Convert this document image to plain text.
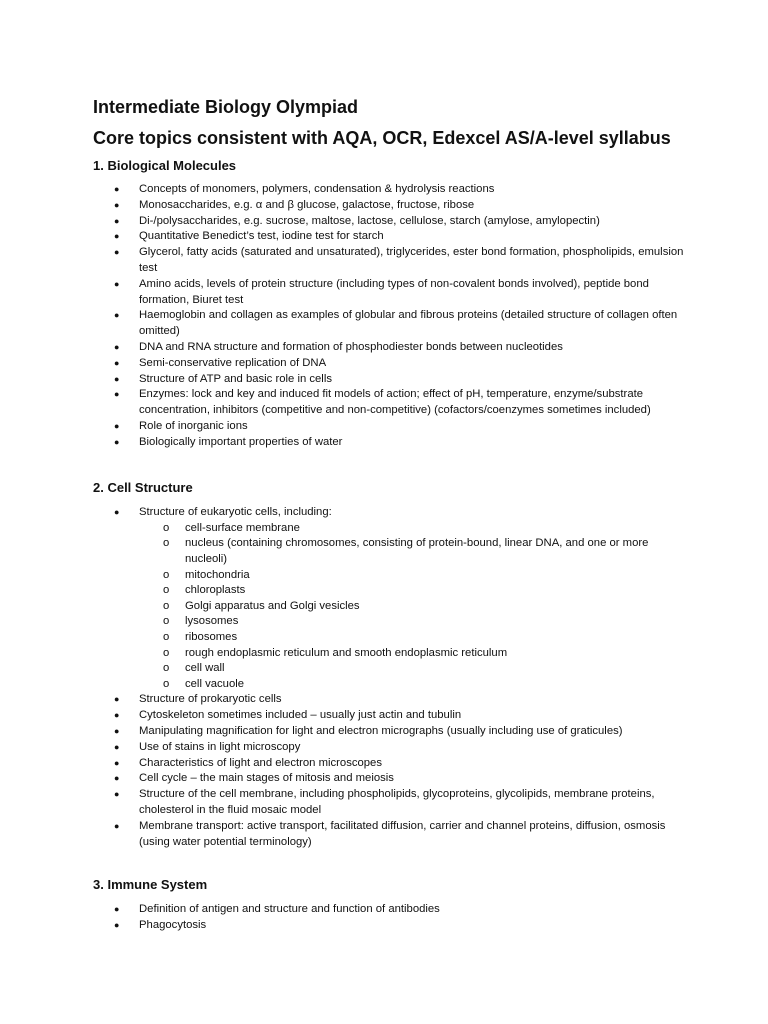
Intermediate Biology Olympiad
Core topics consistent with AQA, OCR, Edexcel AS/A-level syllabus
1. Biological Molecules
● Concepts of monomers, polymers, condensation & hydrolysis reactions
● Monosaccharides, e.g. α and β glucose, galactose, fructose, ribose
● Di-/polysaccharides, e.g. sucrose, maltose, lactose, cellulose, starch (amylose, amylopectin)
● Quantitative Benedict’s test, iodine test for starch
● Glycerol, fatty acids (saturated and unsaturated), triglycerides, ester bond formation, phospholipids, emulsion test
● Amino acids, levels of protein structure (including types of non-covalent bonds involved), peptide bond formation, Biuret test
● Haemoglobin and collagen as examples of globular and fibrous proteins (detailed structure of collagen often omitted)
● DNA and RNA structure and formation of phosphodiester bonds between nucleotides
● Semi-conservative replication of DNA
● Structure of ATP and basic role in cells
● Enzymes: lock and key and induced fit models of action; effect of pH, temperature, enzyme/substrate concentration, inhibitors (competitive and non-competitive) (cofactors/coenzymes sometimes included)
● Role of inorganic ions
● Biologically important properties of water
2. Cell Structure
● Structure of eukaryotic cells, including:
o cell-surface membrane
o nucleus (containing chromosomes, consisting of protein-bound, linear DNA, and one or more nucleoli)
o mitochondria
o chloroplasts
o Golgi apparatus and Golgi vesicles
o lysosomes
o ribosomes
o rough endoplasmic reticulum and smooth endoplasmic reticulum
o cell wall
o cell vacuole
● Structure of prokaryotic cells
● Cytoskeleton sometimes included – usually just actin and tubulin
● Manipulating magnification for light and electron micrographs (usually including use of graticules)
● Use of stains in light microscopy
● Characteristics of light and electron microscopes
● Cell cycle – the main stages of mitosis and meiosis
● Structure of the cell membrane, including phospholipids, glycoproteins, glycolipids, membrane proteins, cholesterol in the fluid mosaic model
● Membrane transport: active transport, facilitated diffusion, carrier and channel proteins, diffusion, osmosis (using water potential terminology)
3. Immune System
● Definition of antigen and structure and function of antibodies
● Phagocytosis
